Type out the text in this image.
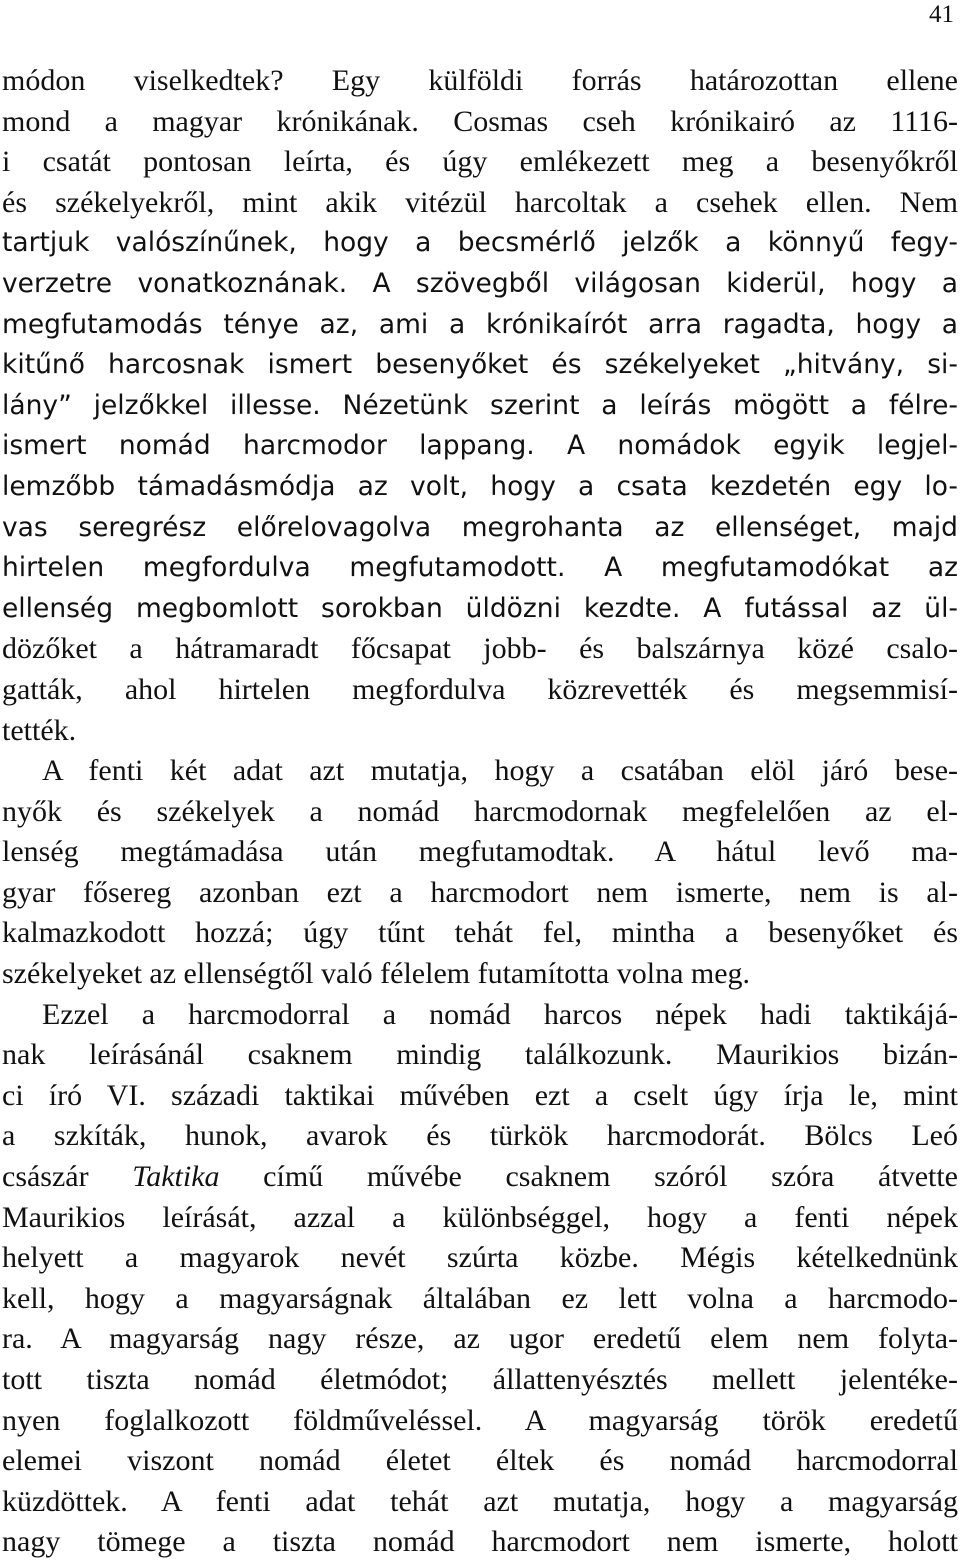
41
módon viselkedtek? Egy külföldi forrás határozottan ellene
mond a magyar krónikának. Cosmas cseh krónikairó az 1116-
i csatát pontosan leírta, és úgy emlékezett meg a besenyőkről
és székelyekről, mint akik vitézül harcoltak a csehek ellen. Nem
tartjuk valószínűnek, hogy a becsmérlő jelzők a könnyű fegy-
verzetre vonatkoznának. A szövegből világosan kiderül, hogy a
megfutamodás ténye az, ami a krónikaírót arra ragadta, hogy a
kitűnő harcosnak ismert besenyőket és székelyeket „hitvány, si-
lány” jelzőkkel illesse. Nézetünk szerint a leírás mögött a félre-
ismert nomád harcmodor lappang. A nomádok egyik legjel-
lemzőbb támadásmódja az volt, hogy a csata kezdetén egy lo-
vas seregrész előrelovagolva megrohanta az ellenséget, majd
hirtelen megfordulva megfutamodott. A megfutamodókat az
ellenség megbomlott sorokban üldözni kezdte. A futással az ül-
dözőket a hátramaradt főcsapat jobb- és balszárnya közé csalo-
gatták, ahol hirtelen megfordulva közrevették és megsemmisí-
tették.
A fenti két adat azt mutatja, hogy a csatában elöl járó bese-
nyők és székelyek a nomád harcmodornak megfelelően az el-
lenség megtámadása után megfutamodtak. A hátul levő ma-
gyar fősereg azonban ezt a harcmodort nem ismerte, nem is al-
kalmazkodott hozzá; úgy tűnt tehát fel, mintha a besenyőket és
székelyeket az ellenségtől való félelem futamította volna meg.
Ezzel a harcmodorral a nomád harcos népek hadi taktikájá-
nak leírásánál csaknem mindig találkozunk. Maurikios bizán-
ci író VI. századi taktikai művében ezt a cselt úgy írja le, mint
a szkíták, hunok, avarok és türkök harcmodorát. Bölcs Leó
császár Taktika című művébe csaknem szóról szóra átvette
Maurikios leírását, azzal a különbséggel, hogy a fenti népek
helyett a magyarok nevét szúrta közbe. Mégis kételkednünk
kell, hogy a magyarságnak általában ez lett volna a harcmodo-
ra. A magyarság nagy része, az ugor eredetű elem nem folyta-
tott tiszta nomád életmódot; állattenyésztés mellett jelentéke-
nyen foglalkozott földműveléssel. A magyarság török eredetű
elemei viszont nomád életet éltek és nomád harcmodorral
küzdöttek. A fenti adat tehát azt mutatja, hogy a magyarság
nagy tömege a tiszta nomád harcmodort nem ismerte, holott
